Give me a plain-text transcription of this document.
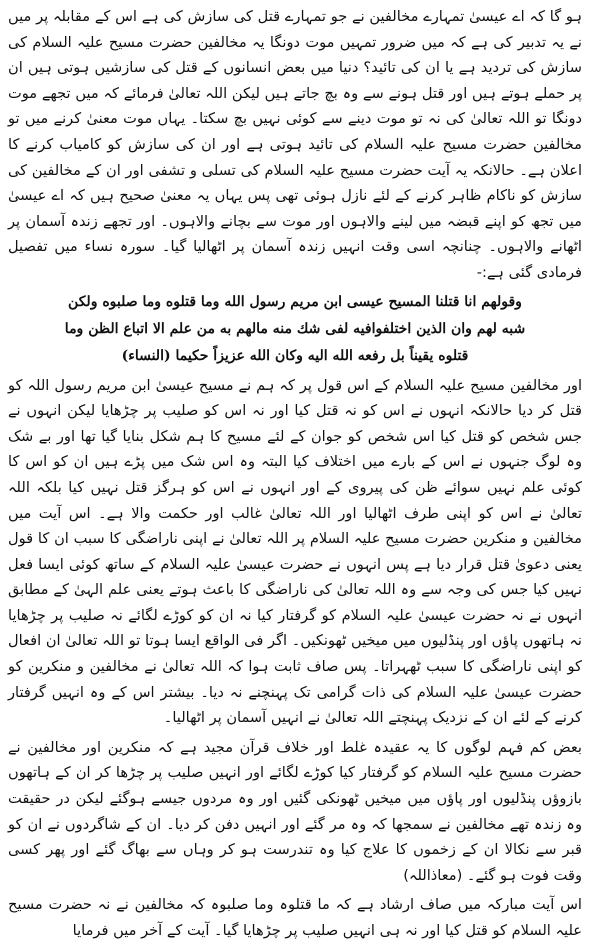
ہو گا کہ اے عیسیٰ تمہارے مخالفین نے جو تمہارے قتل کی سازش کی ہے اس کے مقابلہ پر میں نے یہ تدبیر کی ہے کہ میں ضرور تمہیں موت دونگا یہ مخالفین حضرت مسیح علیہ السلام کی سازش کی تردید ہے یا ان کی تائید؟ دنیا میں بعض انسانوں کے قتل کی سازشیں ہوتی ہیں ان پر حملے ہوتے ہیں اور قتل ہونے سے وہ بچ جاتے ہیں لیکن اللہ تعالیٰ فرمائے کہ میں تجھے موت دونگا تو اللہ تعالیٰ کی نہ تو موت دینے سے کوئی نہیں بچ سکتا۔ یہاں موت معنیٰ کرنے میں تو مخالفین حضرت مسیح علیہ السلام کی تائید ہوتی ہے اور ان کی سازش کو کامیاب کرنے کا اعلان ہے۔ حالانکہ یہ آیت حضرت مسیح علیہ السلام کی تسلی و تشفی اور ان کے مخالفین کی سازش کو ناکام ظاہر کرنے کے لئے نازل ہوئی تھی پس یہاں یہ معنیٰ صحیح ہیں کہ اے عیسیٰ میں تجھ کو اپنے قبضہ میں لینے والاہوں اور موت سے بچانے والاہوں۔ اور تجھے زندہ آسمان پر اٹھانے والاہوں۔ چنانچہ اسی وقت انہیں زندہ آسمان پر اٹھالیا گیا۔ سورہ نساء میں تفصیل فرمادی گئی ہے:-

وقولهم انا قتلنا المسيح عيسى ابن مريم رسول الله وما قتلوه وما صلبوه ولكن
شبه لهم وان الذين اختلفوافيه لفى شك منه مالهم به من علم الا اتباع الظن وما
قتلوه يقيناً بل رفعه الله اليه وكان الله عزيزاً حكيما (النساء)

اور مخالفین مسیح علیہ السلام کے اس قول پر کہ ہم نے مسیح عیسیٰ ابن مریم رسول اللہ کو قتل کر دیا حالانکہ انہوں نے اس کو نہ قتل کیا اور نہ اس کو صلیب پر چڑھایا لیکن انہوں نے جس شخص کو قتل کیا اس شخص کو جوان کے لئے مسیح کا ہم شکل بنایا گیا تھا اور بے شک وہ لوگ جنہوں نے اس کے بارے میں اختلاف کیا البتہ وہ اس شک میں پڑے ہیں ان کو اس کا کوئی علم نہیں سوائے ظن کی پیروی کے اور انہوں نے اس کو ہرگز قتل نہیں کیا بلکہ اللہ تعالیٰ نے اس کو اپنی طرف اٹھالیا اور اللہ تعالیٰ غالب اور حکمت والا ہے۔ اس آیت میں مخالفین و منکرین حضرت مسیح علیہ السلام پر اللہ تعالیٰ نے اپنی ناراضگی کا سبب ان کا قول یعنی دعویٰ قتل قرار دیا ہے پس انہوں نے حضرت عیسیٰ علیہ السلام کے ساتھ کوئی ایسا فعل نہیں کیا جس کی وجہ سے وہ اللہ تعالیٰ کی ناراضگی کا باعث ہوتے یعنی علم الہیٰ کے مطابق انہوں نے نہ حضرت عیسیٰ علیہ السلام کو گرفتار کیا نہ ان کو کوڑے لگائے نہ صلیب پر چڑھایا نہ ہاتھوں پاؤں اور پنڈلیوں میں میخیں ٹھونکیں۔ اگر فی الواقع ایسا ہوتا تو اللہ تعالیٰ ان افعال کو اپنی ناراضگی کا سبب ٹھہراتا۔ پس صاف ثابت ہوا کہ اللہ تعالیٰ نے مخالفین و منکرین کو حضرت عیسیٰ علیہ السلام کی ذات گرامی تک پہنچنے نہ دیا۔ بیشتر اس کے وہ انہیں گرفتار کرنے کے لئے ان کے نزدیک پہنچتے اللہ تعالیٰ نے انہیں آسمان پر اٹھالیا۔

بعض کم فہم لوگوں کا یہ عقیدہ غلط اور خلاف قرآن مجید ہے کہ منکرین اور مخالفین نے حضرت مسیح علیہ السلام کو گرفتار کیا کوڑے لگائے اور انہیں صلیب پر چڑھا کر ان کے ہاتھوں بازوؤں پنڈلیوں اور پاؤں میں میخیں ٹھونکی گئیں اور وہ مردوں جیسے ہوگئے لیکن در حقیقت وہ زندہ تھے مخالفین نے سمجھا کہ وہ مر گئے اور انہیں دفن کر دیا۔ ان کے شاگردوں نے ان کو قبر سے نکالا ان کے زخموں کا علاج کیا وہ تندرست ہو کر وہاں سے بھاگ گئے اور پھر کسی وقت فوت ہو گئے۔ (معاذاللہ)

اس آیت مبارکہ میں صاف ارشاد ہے کہ ما قتلوہ وما صلبوہ کہ مخالفین نے نہ حضرت مسیح علیہ السلام کو قتل کیا اور نہ ہی انہیں صلیب پر چڑھایا گیا۔ آیت کے آخر میں فرمایا
